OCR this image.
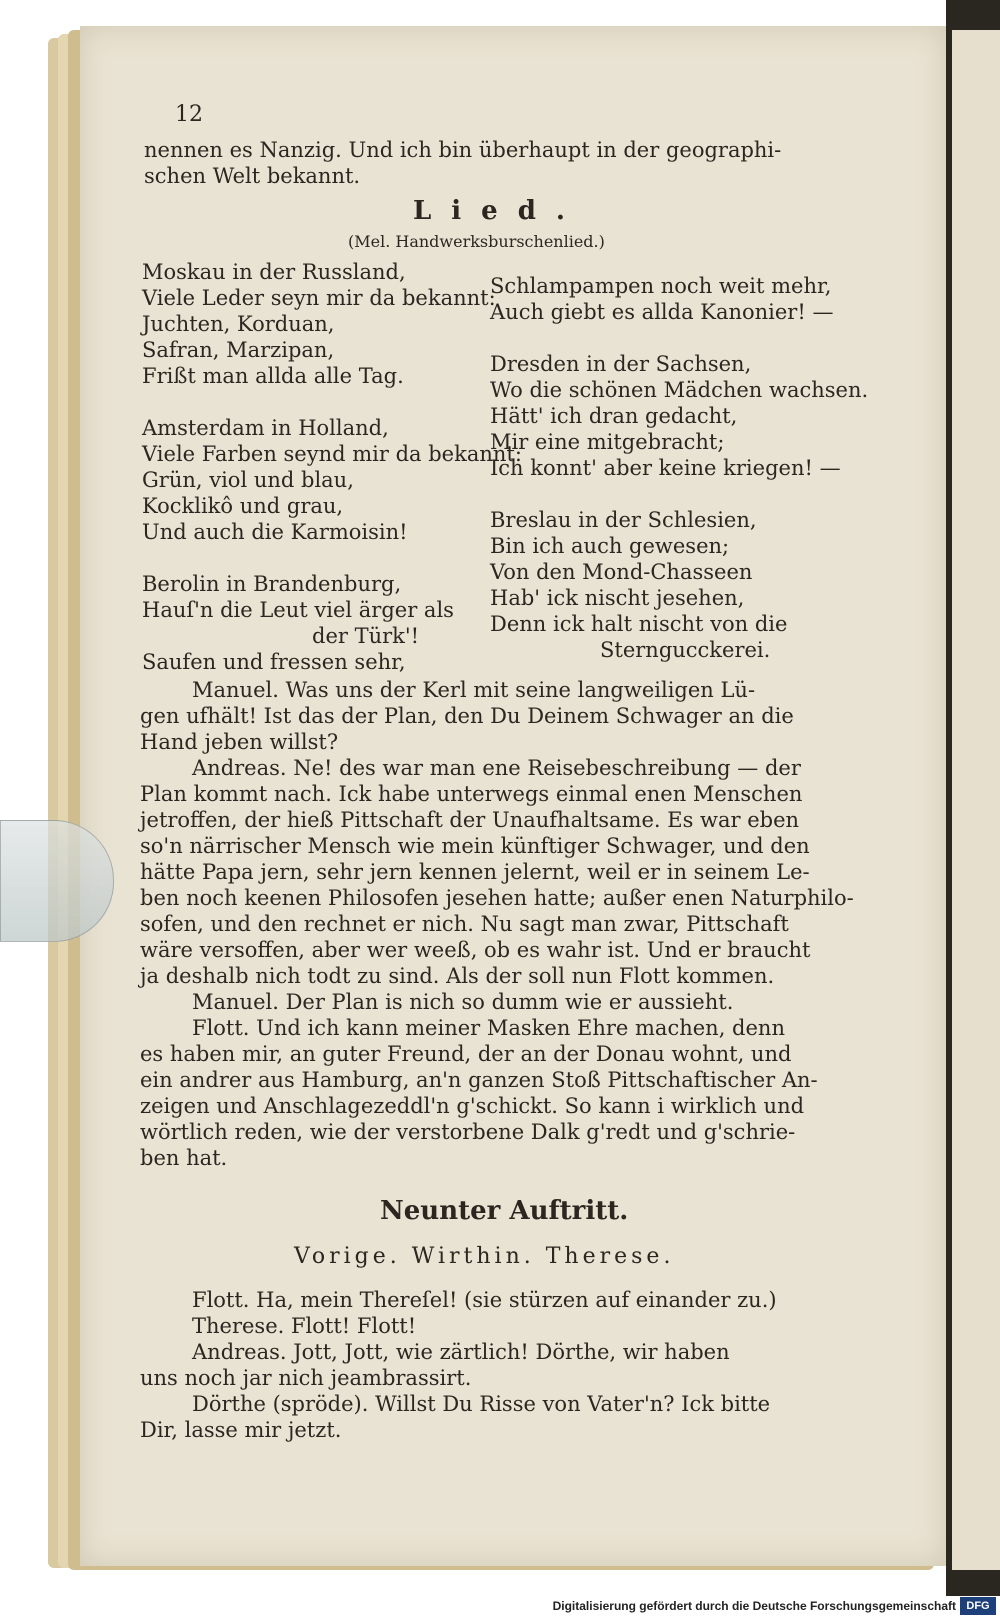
12
nennen es Nanzig. Und ich bin überhaupt in der geographi-
schen Welt bekannt.
Lied.
(Mel. Handwerksburschenlied.)
Moskau in der Russland,
Viele Leder seyn mir da bekannt:
Juchten, Korduan,
Safran, Marzipan,
Frißt man allda alle Tag.
Amsterdam in Holland,
Viele Farben seynd mir da bekannt:
Grün, viol und blau,
Kocklikô und grau,
Und auch die Karmoisin!
Berolin in Brandenburg,
Hauſ'n die Leut viel ärger als
der Türk'!
Saufen und fressen sehr,
Schlampampen noch weit mehr,
Auch giebt es allda Kanonier! —
Dresden in der Sachsen,
Wo die schönen Mädchen wachsen.
Hätt' ich dran gedacht,
Mir eine mitgebracht;
Ich konnt' aber keine kriegen! —
Breslau in der Schlesien,
Bin ich auch gewesen;
Von den Mond-Chasseen
Hab' ick nischt jesehen,
Denn ick halt nischt von die
Sterngucckerei.
Manuel. Was uns der Kerl mit seine langweiligen Lü-
gen ufhält! Ist das der Plan, den Du Deinem Schwager an die
Hand jeben willst?
Andreas. Ne! des war man ene Reisebeschreibung — der
Plan kommt nach. Ick habe unterwegs einmal enen Menschen
jetroffen, der hieß Pittschaft der Unaufhaltsame. Es war eben
so'n närrischer Mensch wie mein künftiger Schwager, und den
hätte Papa jern, sehr jern kennen jelernt, weil er in seinem Le-
ben noch keenen Philosofen jesehen hatte; außer enen Naturphilo-
sofen, und den rechnet er nich. Nu sagt man zwar, Pittschaft
wäre versoffen, aber wer weeß, ob es wahr ist. Und er braucht
ja deshalb nich todt zu sind. Als der soll nun Flott kommen.
Manuel. Der Plan is nich so dumm wie er aussieht.
Flott. Und ich kann meiner Masken Ehre machen, denn
es haben mir, an guter Freund, der an der Donau wohnt, und
ein andrer aus Hamburg, an'n ganzen Stoß Pittschaftischer An-
zeigen und Anschlagezeddl'n g'schickt. So kann i wirklich und
wörtlich reden, wie der verstorbene Dalk g'redt und g'schrie-
ben hat.
Neunter Auftritt.
Vorige. Wirthin. Therese.
Flott. Ha, mein Thereſel! (sie stürzen auf einander zu.)
Therese. Flott! Flott!
Andreas. Jott, Jott, wie zärtlich! Dörthe, wir haben
uns noch jar nich jeambrassirt.
Dörthe (spröde). Willst Du Risse von Vater'n? Ick bitte
Dir, lasse mir jetzt.
Digitalisierung gefördert durch die Deutsche Forschungsgemeinschaft DFG
